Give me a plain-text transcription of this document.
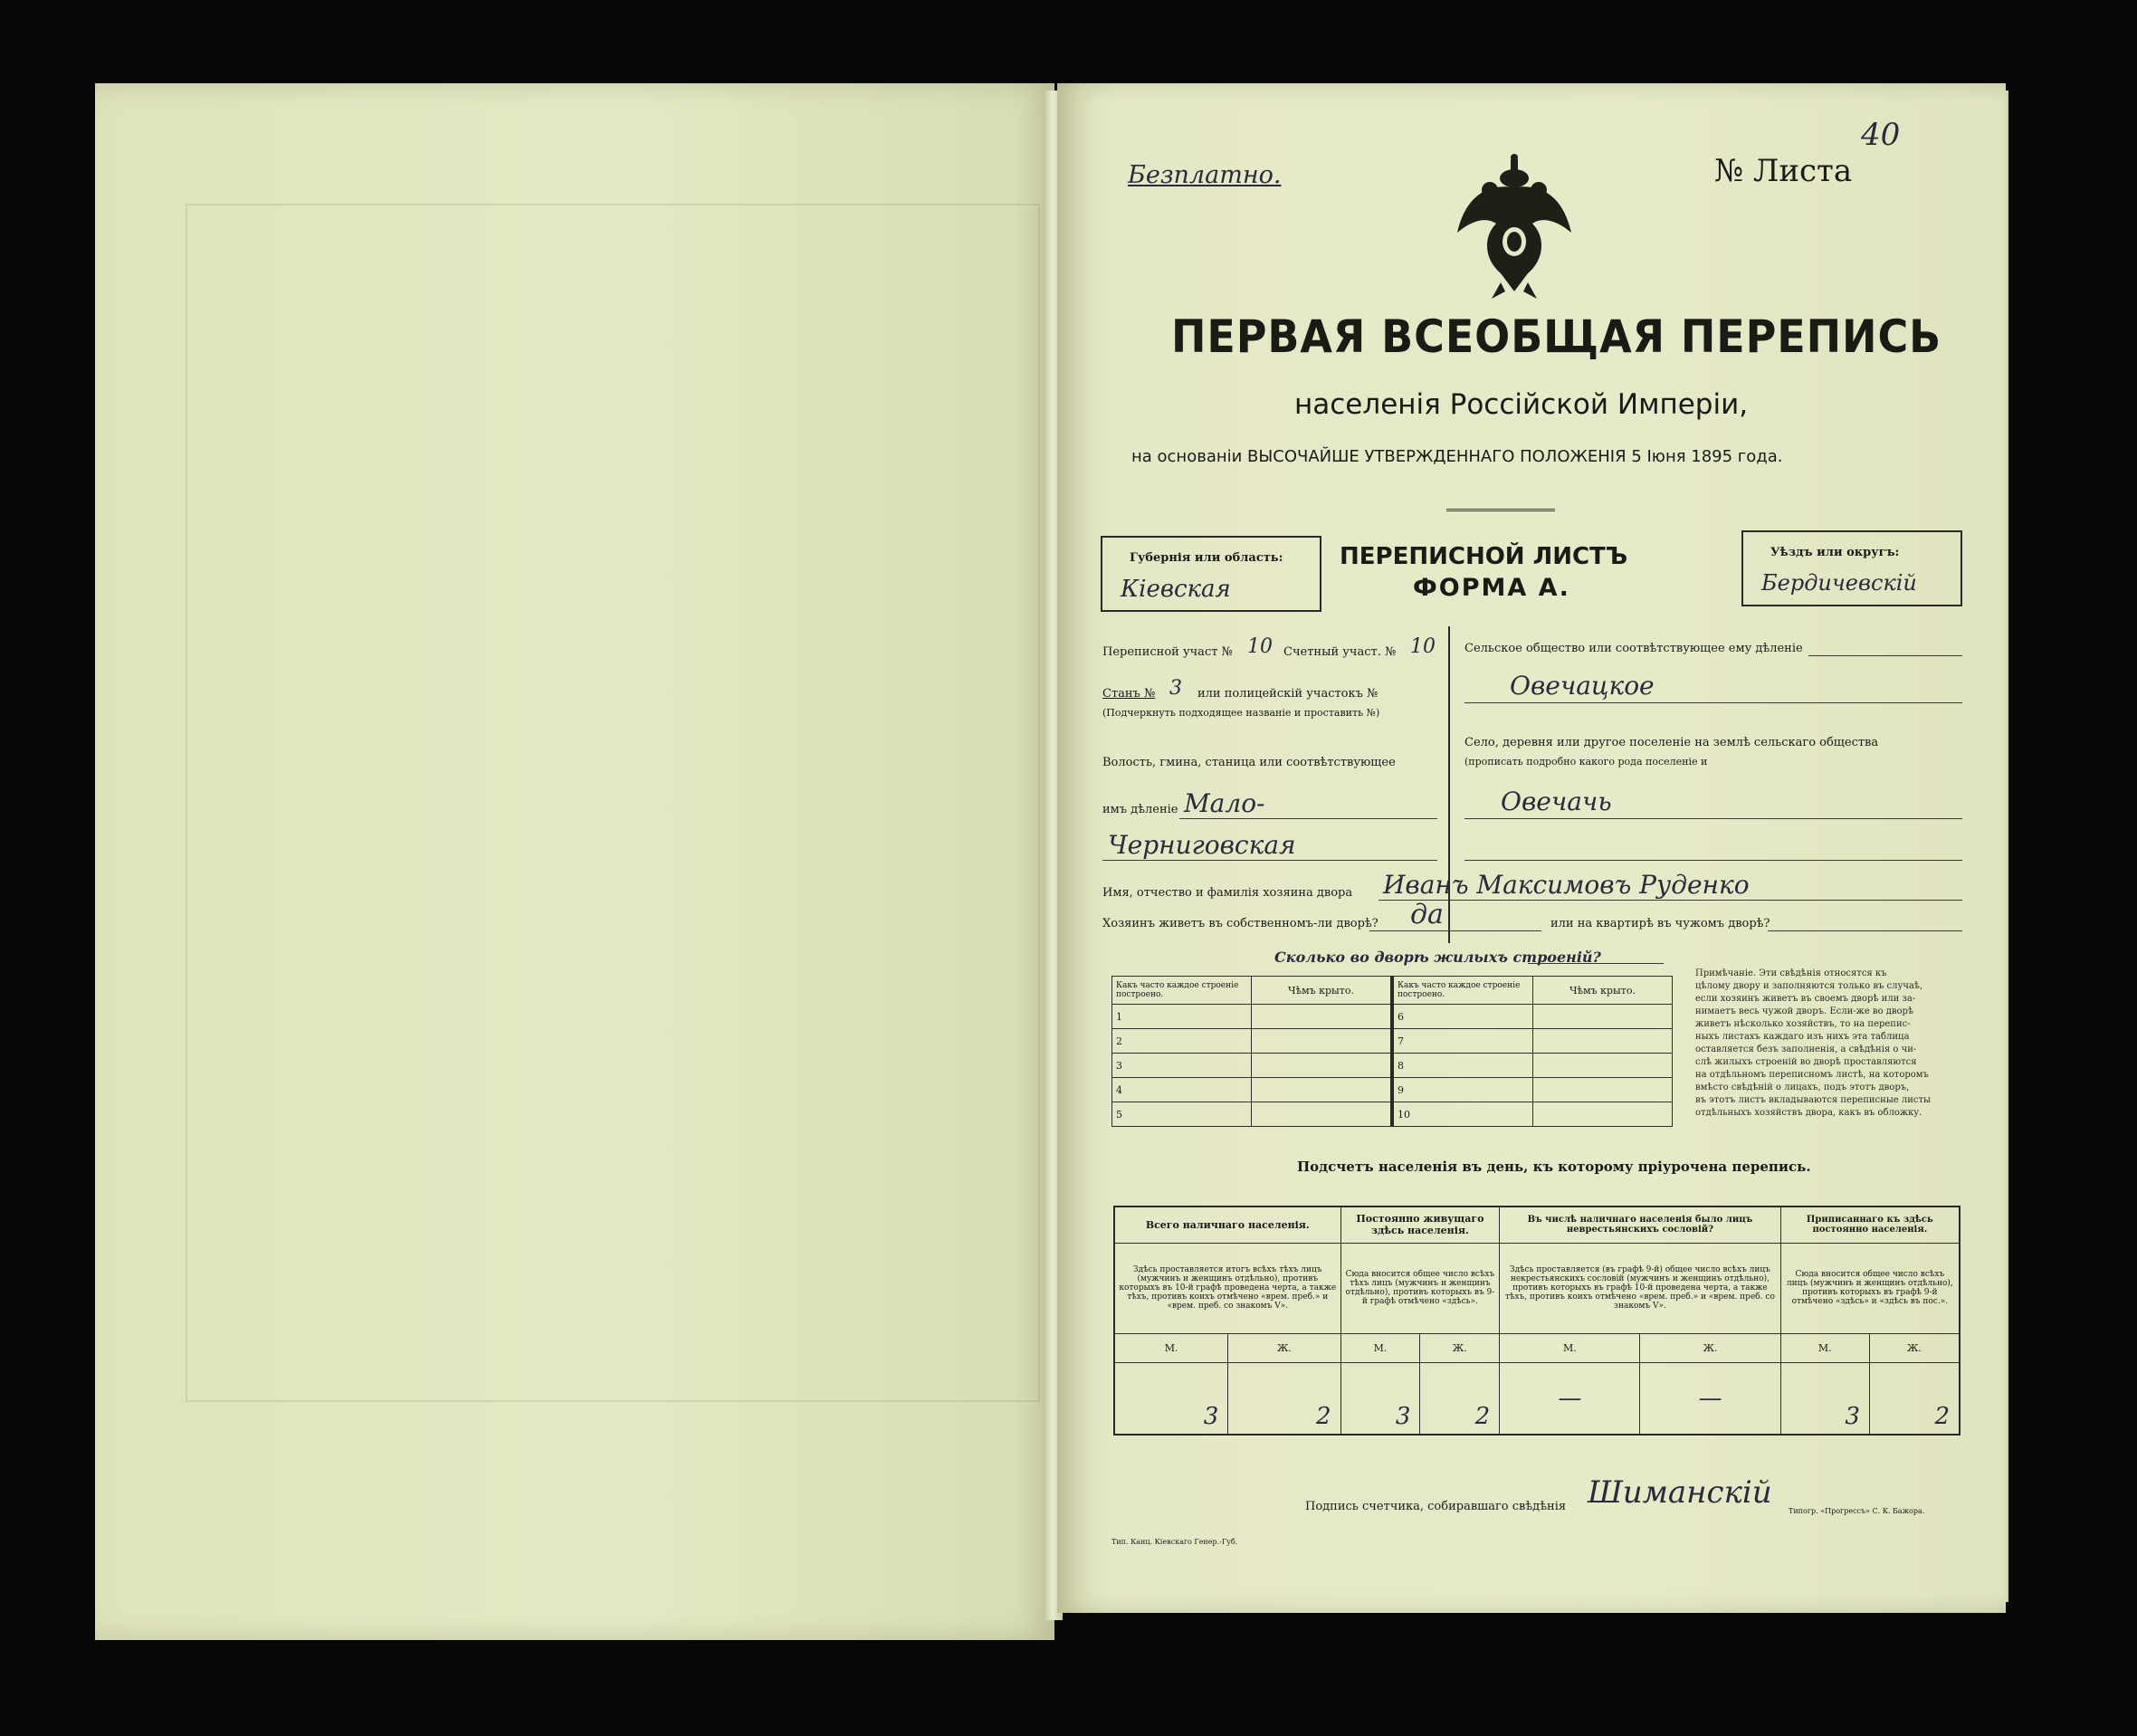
Безплатно.	№ Листа
40
ПЕРВАЯ ВСЕОБЩАЯ ПЕРЕПИСЬ
населенія Россійской Имперіи,
на основаніи ВЫСОЧАЙШЕ УТВЕРЖДЕННАГО ПОЛОЖЕНІЯ 5 Іюня 1895 года.
Губернія или область:
Кіевская
ПЕРЕПИСНОЙ ЛИСТЪ
ФОРМА А.
Уѣздъ или округъ:
Бердичевскій
Переписной участ № 10 Счетный участ. № 10
Станъ № 3 или полицейскій участокъ №
(Подчеркнуть подходящее названіе и проставить №)
Волость, гмина, станица или соотвѣтствующее
имъ дѣленіе Мало-
Черниговская
Сельское общество или соотвѣтствующее ему дѣленіе
Овечацкое
Село, деревня или другое поселеніе на землѣ сельскаго общества
(прописать подробно какого рода поселеніе и
Овечачь
Имя, отчество и фамилія хозяина двора Иванъ Максимовъ Руденко
Хозяинъ живетъ въ собственномъ-ли дворѣ? да	или на квартирѣ въ чужомъ дворѣ?
Сколько во дворѣ жилыхъ строеній?
Какъ часто каждое строеніе построено.	Чѣмъ крыто.	Какъ часто каждое строеніе построено.	Чѣмъ крыто.
1		6	
2		7	
3		8	
4		9	
5		10	
Примѣчаніе. Эти свѣдѣнія относятся къ
цѣлому двору и заполняются только въ случаѣ,
если хозяинъ живетъ въ своемъ дворѣ или за-
нимаетъ весь чужой дворъ. Если-же во дворѣ
живетъ нѣсколько хозяйствъ, то на перепис-
ныхъ листахъ каждаго изъ нихъ эта таблица
оставляется безъ заполненія, а свѣдѣнія о чи-
слѣ жилыхъ строеній во дворѣ проставляются
на отдѣльномъ переписномъ листѣ, на которомъ
вмѣсто свѣдѣній о лицахъ, подъ этотъ дворъ,
въ этотъ листъ вкладываются переписные листы
отдѣльныхъ хозяйствъ двора, какъ въ обложку.
Подсчетъ населенія въ день, къ которому пріурочена перепись.
Всего наличнаго населенія.		Постоянно живущаго здѣсь населенія.		Въ числѣ наличнаго населенія было лицъ неврестьянскихъ сословій?		Приписаннаго къ здѣсь постоянно населенія.	
Здѣсь проставляется итогъ всѣхъ тѣхъ лицъ (мужчинъ и женщинъ отдѣльно), противъ которыхъ въ 10-й графѣ проведена черта, а также тѣхъ, противъ коихъ отмѣчено «врем. преб.» и «врем. преб. со знакомъ V».		Сюда вносится общее число всѣхъ тѣхъ лицъ (мужчинъ и женщинъ отдѣльно), противъ которыхъ въ 9-й графѣ отмѣчено «здѣсь».		Здѣсь проставляется (въ графѣ 9-й) общее число всѣхъ лицъ некрестьянскихъ сословій (мужчинъ и женщинъ отдѣльно), противъ которыхъ въ графѣ 10-й проведена черта, а также тѣхъ, противъ коихъ отмѣчено «врем. преб.» и «врем. преб. со знакомъ V».		Сюда вносится общее число всѣхъ лицъ (мужчинъ и женщинъ отдѣльно), противъ которыхъ въ графѣ 9-й отмѣчено «здѣсь» и «здѣсь въ пос.».	
М.	Ж.	М.	Ж.	М.	Ж.	М.	Ж.
3	2	3	2	—	—	3	2
Подпись счетчика, собиравшаго свѣдѣнія Шиманскій
Тип. Канц. Кіевскаго Генер.-Губ.
Типогр. «Прогрессъ» С. К. Бажора.
